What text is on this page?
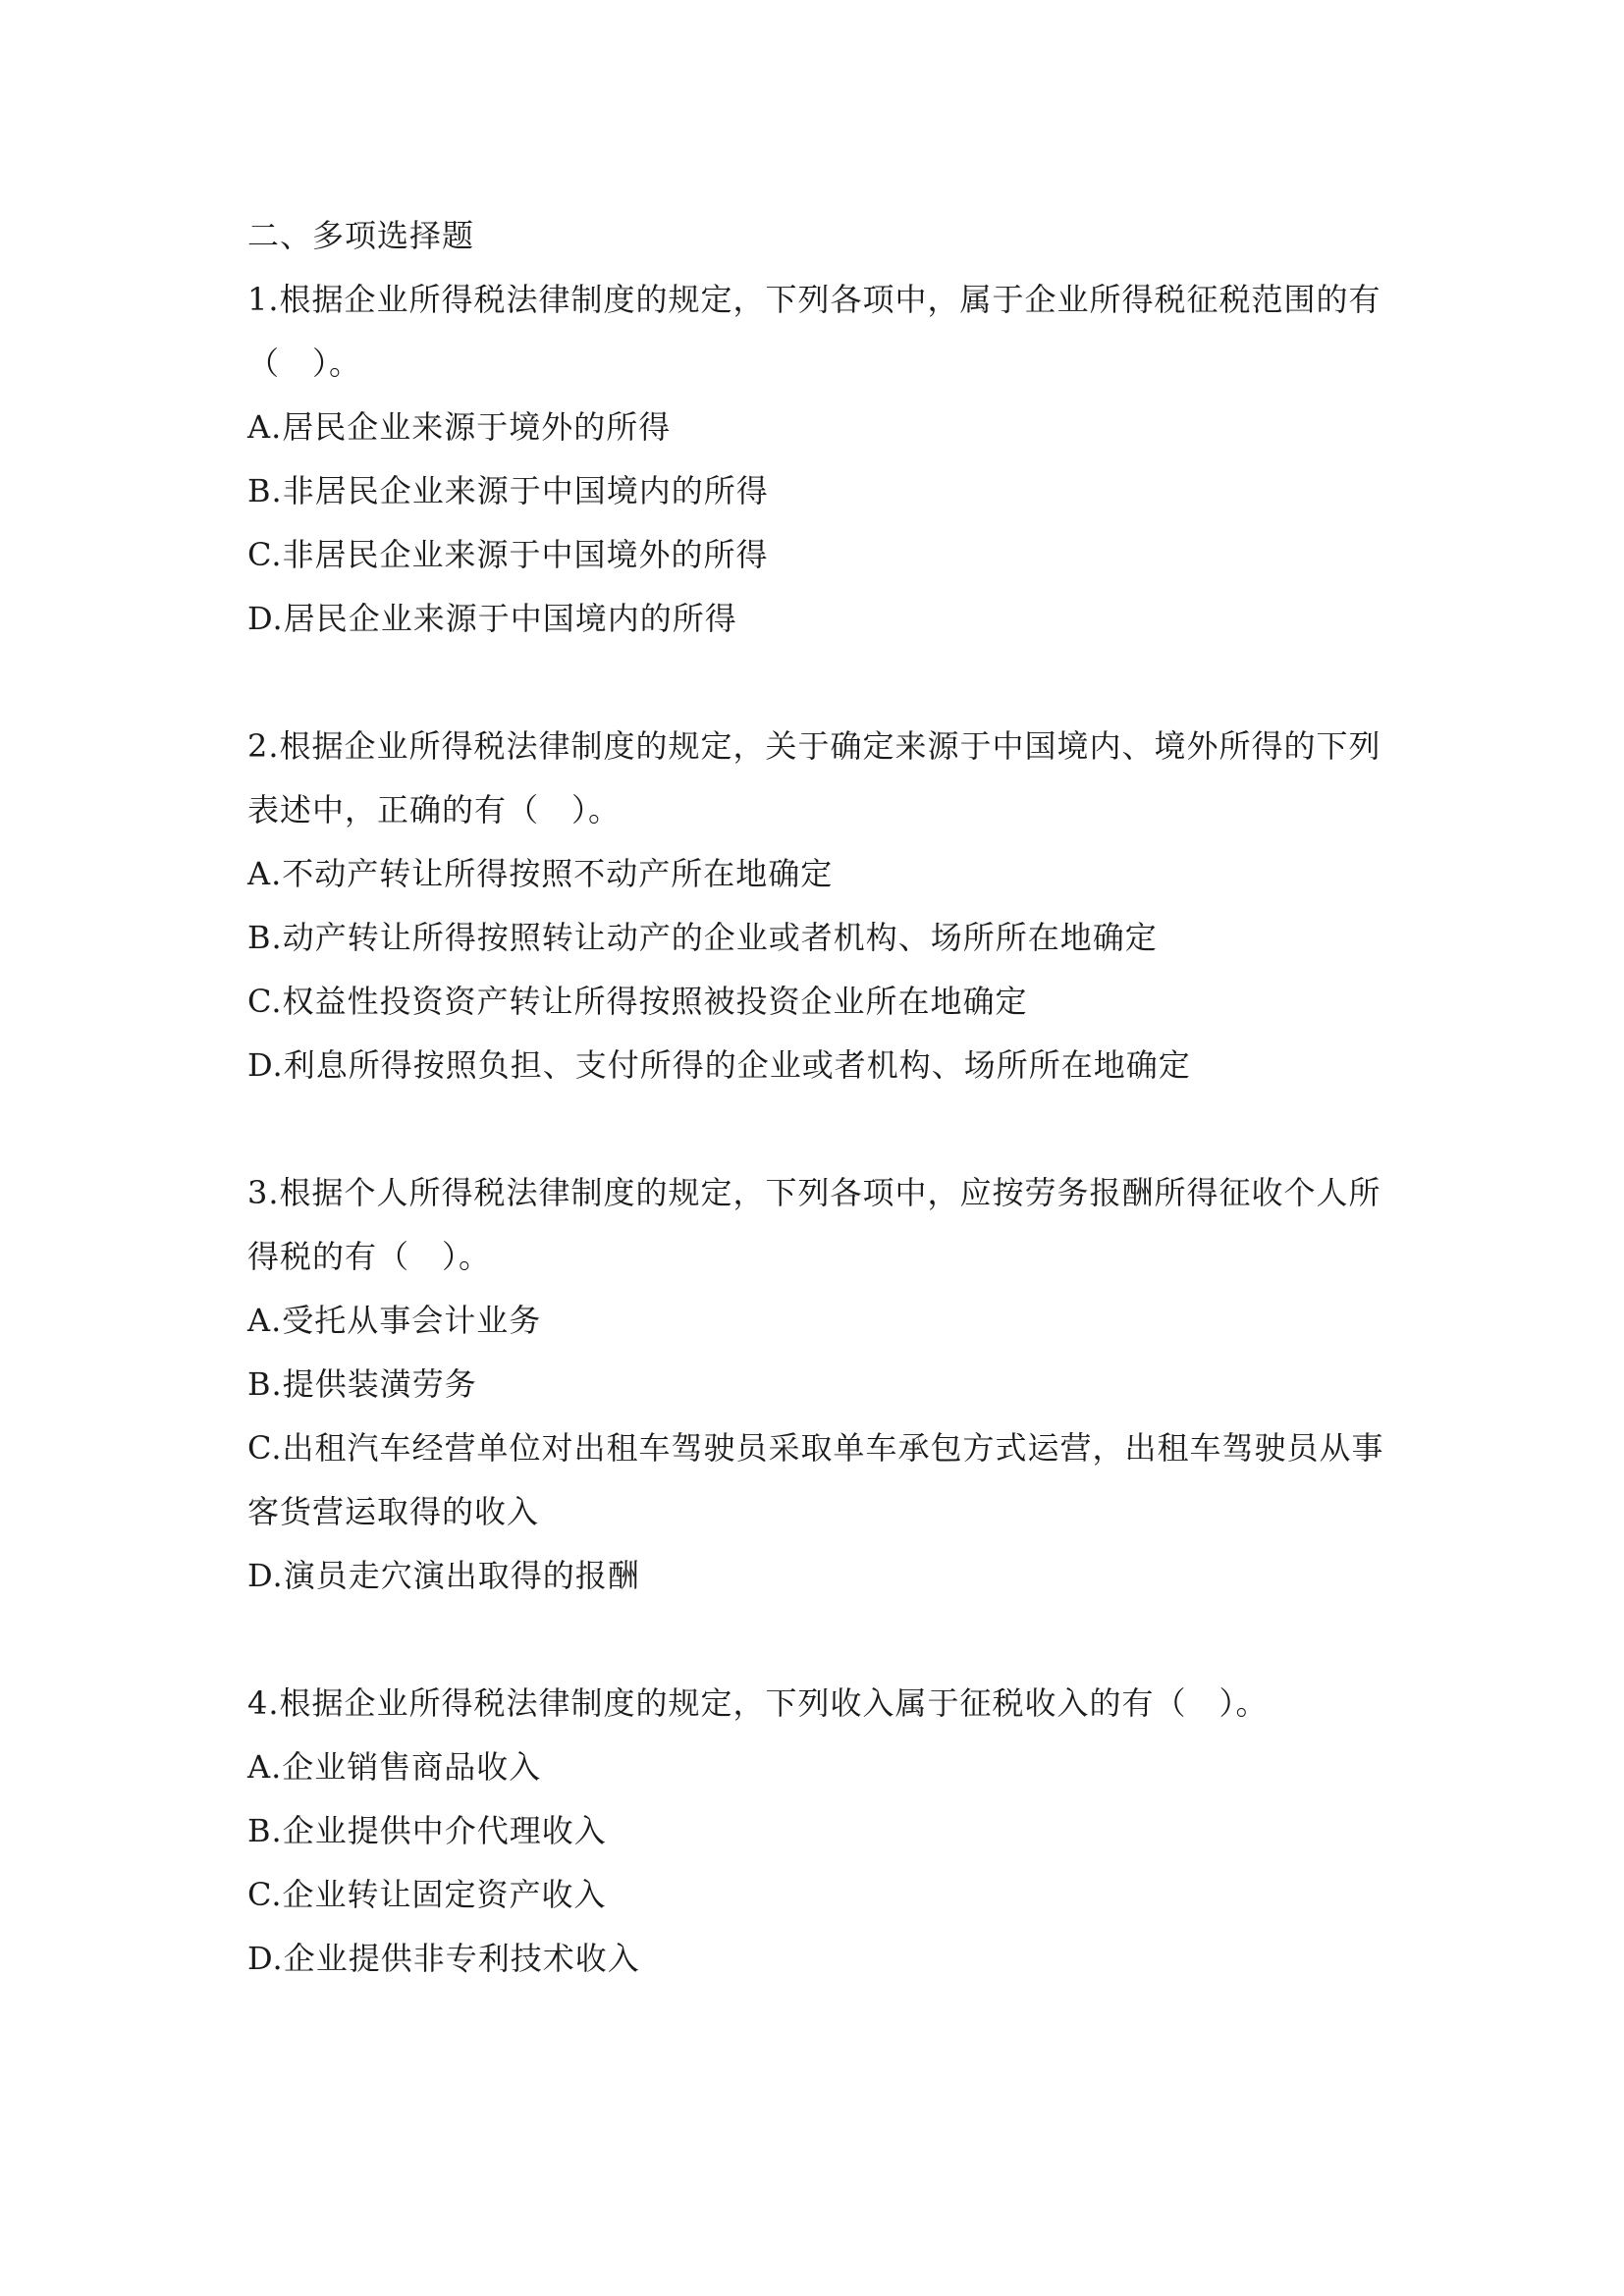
二、多项选择题
1.根据企业所得税法律制度的规定，下列各项中，属于企业所得税征税范围的有
（　）。
A.居民企业来源于境外的所得
B.非居民企业来源于中国境内的所得
C.非居民企业来源于中国境外的所得
D.居民企业来源于中国境内的所得
2.根据企业所得税法律制度的规定，关于确定来源于中国境内、境外所得的下列
表述中，正确的有（　）。
A.不动产转让所得按照不动产所在地确定
B.动产转让所得按照转让动产的企业或者机构、场所所在地确定
C.权益性投资资产转让所得按照被投资企业所在地确定
D.利息所得按照负担、支付所得的企业或者机构、场所所在地确定
3.根据个人所得税法律制度的规定，下列各项中，应按劳务报酬所得征收个人所
得税的有（　）。
A.受托从事会计业务
B.提供装潢劳务
C.出租汽车经营单位对出租车驾驶员采取单车承包方式运营，出租车驾驶员从事
客货营运取得的收入
D.演员走穴演出取得的报酬
4.根据企业所得税法律制度的规定，下列收入属于征税收入的有（　）。
A.企业销售商品收入
B.企业提供中介代理收入
C.企业转让固定资产收入
D.企业提供非专利技术收入
